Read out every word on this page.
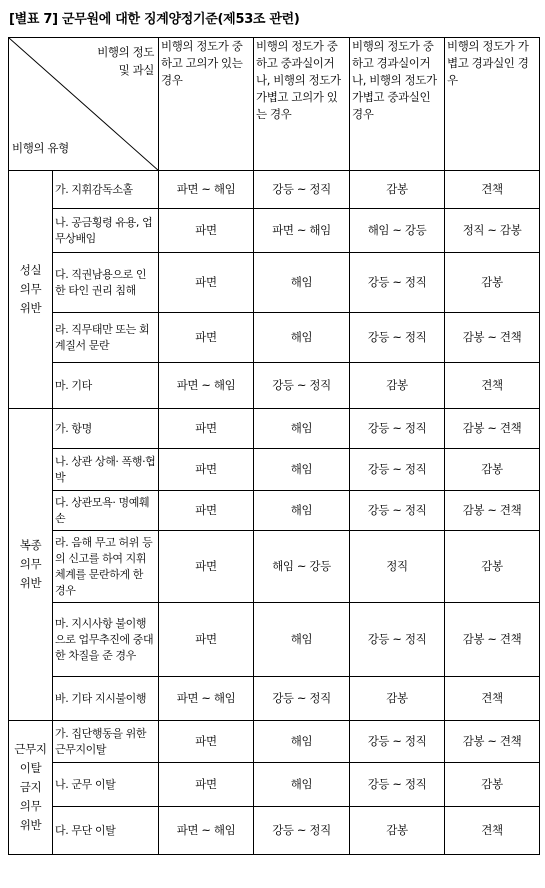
[별표 7] 군무원에 대한 징계양정기준(제53조 관련)
비행의 정도
및 과실
비행의 유형		비행의 정도가 중하고 고의가 있는 경우	비행의 정도가 중하고 중과실이거나, 비행의 정도가 가볍고 고의가 있는 경우	비행의 정도가 중하고 경과실이거나, 비행의 정도가 가볍고 중과실인 경우	비행의 정도가 가볍고 경과실인 경우
성실 의무 위반	가. 지휘감독소홀	파면 ~ 해임	강등 ~ 정직	감봉	견책
	나. 공금횡령 유용, 업무상배임	파면	파면 ~ 해임	해임 ~ 강등	정직 ~ 감봉
	다. 직권남용으로 인한 타인 권리 침해	파면	해임	강등 ~ 정직	감봉
	라. 직무태만 또는 회계질서 문란	파면	해임	강등 ~ 정직	감봉 ~ 견책
	마. 기타	파면 ~ 해임	강등 ~ 정직	감봉	견책
복종 의무 위반	가. 항명	파면	해임	강등 ~ 정직	감봉 ~ 견책
	나. 상관 상해· 폭행·협박	파면	해임	강등 ~ 정직	감봉
	다. 상관모욕· 명예훼손	파면	해임	강등 ~ 정직	감봉 ~ 견책
	라. 음해 무고 허위 등의 신고를 하여 지휘체계를 문란하게 한 경우	파면	해임 ~ 강등	정직	감봉
	마. 지시사항 불이행으로 업무추진에 중대한 차질을 준 경우	파면	해임	강등 ~ 정직	감봉 ~ 견책
	바. 기타 지시불이행	파면 ~ 해임	강등 ~ 정직	감봉	견책
근무지 이탈 금지 의무 위반	가. 집단행동을 위한 근무지이탈	파면	해임	강등 ~ 정직	감봉 ~ 견책
	나. 군무 이탈	파면	해임	강등 ~ 정직	감봉
	다. 무단 이탈	파면 ~ 해임	강등 ~ 정직	감봉	견책
